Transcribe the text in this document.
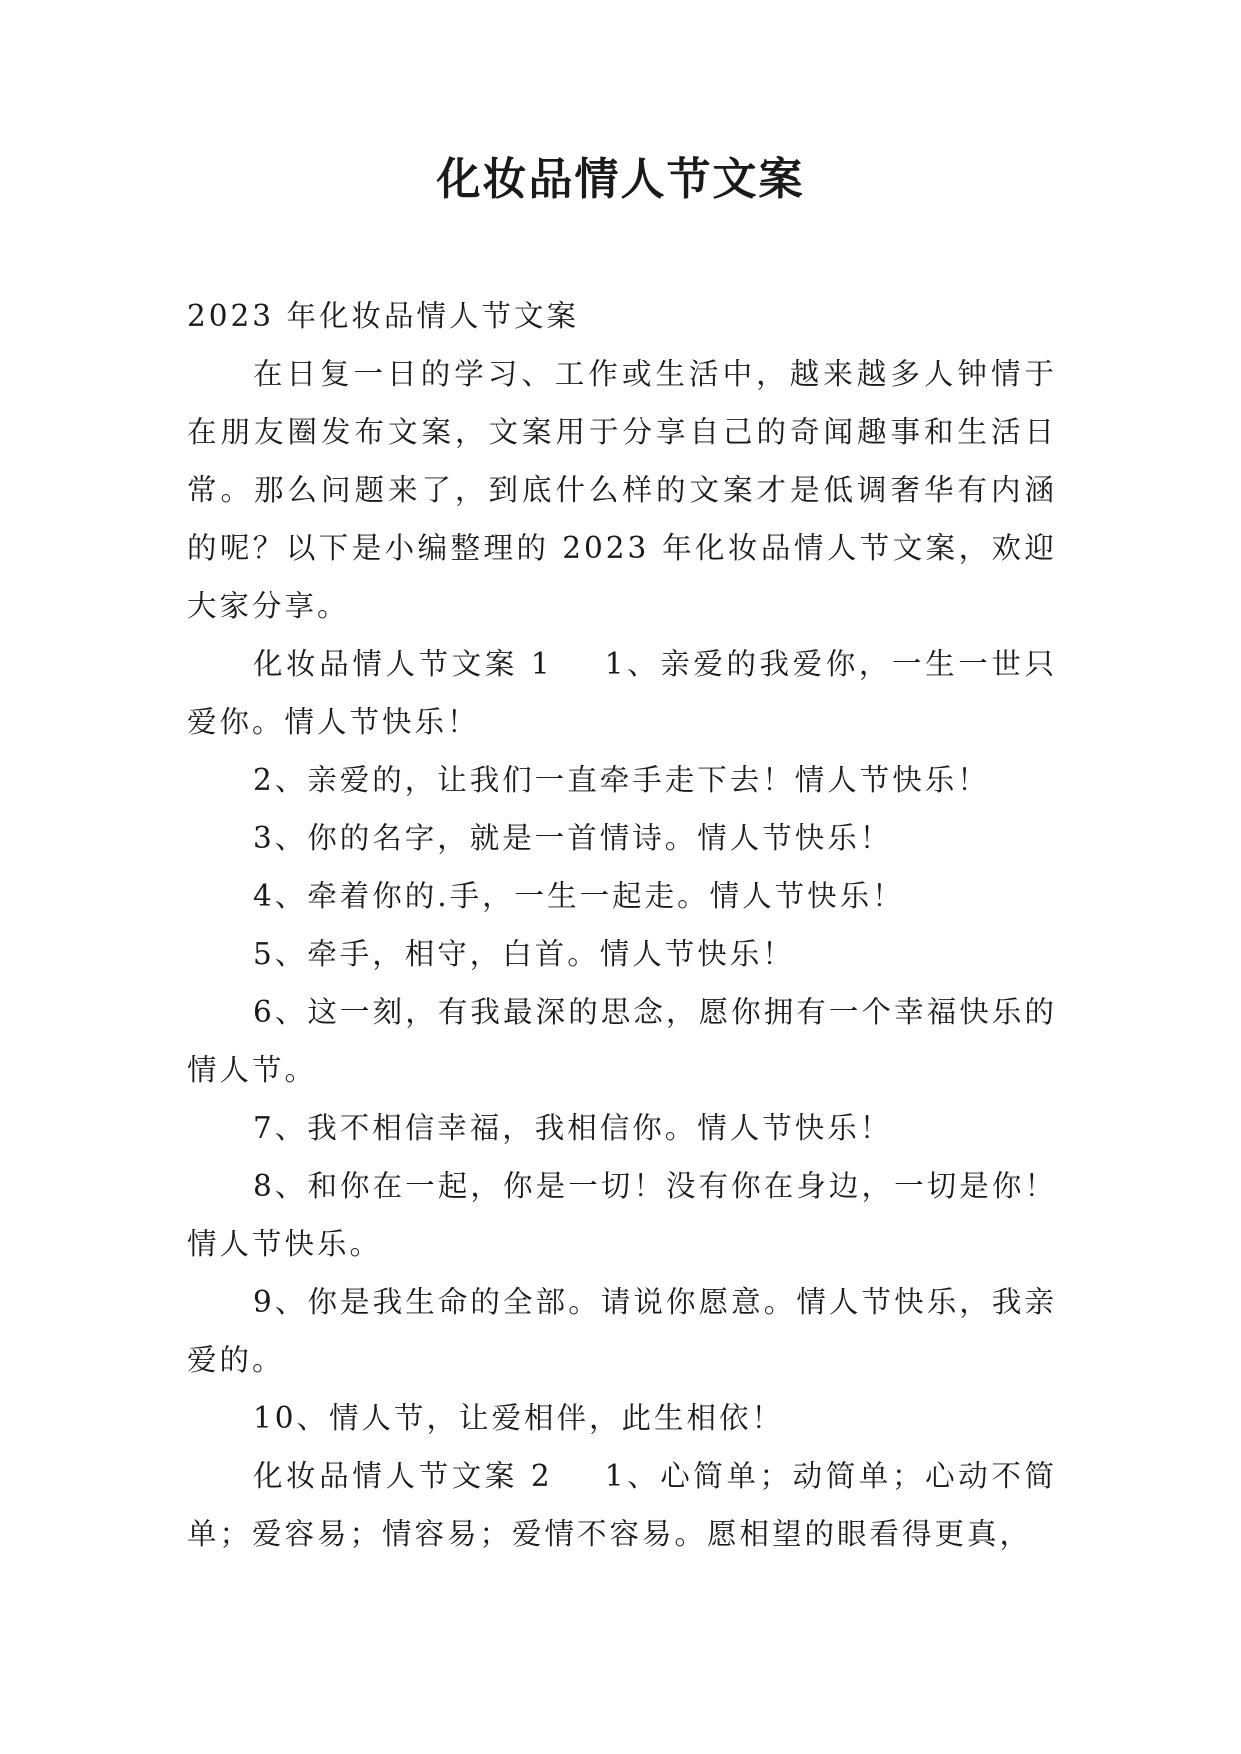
化妆品情人节文案

2023 年化妆品情人节文案

在日复一日的学习、工作或生活中，越来越多人钟情于在朋友圈发布文案，文案用于分享自己的奇闻趣事和生活日常。那么问题来了，到底什么样的文案才是低调奢华有内涵的呢？以下是小编整理的 2023 年化妆品情人节文案，欢迎大家分享。

化妆品情人节文案 1 1、亲爱的我爱你，一生一世只爱你。情人节快乐！

2、亲爱的，让我们一直牵手走下去！情人节快乐！

3、你的名字，就是一首情诗。情人节快乐！

4、牵着你的.手，一生一起走。情人节快乐！

5、牵手，相守，白首。情人节快乐！

6、这一刻，有我最深的思念，愿你拥有一个幸福快乐的情人节。

7、我不相信幸福，我相信你。情人节快乐！

8、和你在一起，你是一切！没有你在身边，一切是你！情人节快乐。

9、你是我生命的全部。请说你愿意。情人节快乐，我亲爱的。

10、情人节，让爱相伴，此生相依！

化妆品情人节文案 2 1、心简单；动简单；心动不简单；爱容易；情容易；爱情不容易。愿相望的眼看得更真，
